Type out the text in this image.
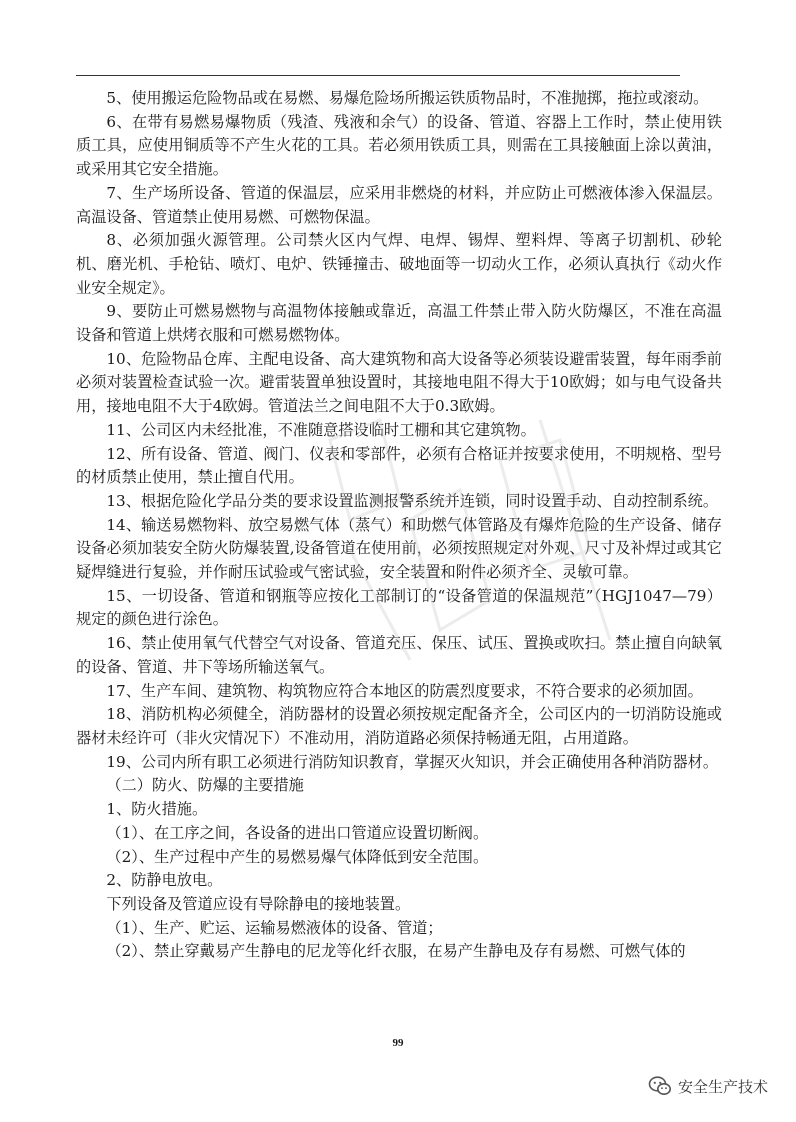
5、使用搬运危险物品或在易燃、易爆危险场所搬运铁质物品时，不准抛掷，拖拉或滚动。

6、在带有易燃易爆物质（残渣、残液和余气）的设备、管道、容器上工作时，禁止使用铁质工具，应使用铜质等不产生火花的工具。若必须用铁质工具，则需在工具接触面上涂以黄油，或采用其它安全措施。

7、生产场所设备、管道的保温层，应采用非燃烧的材料，并应防止可燃液体渗入保温层。高温设备、管道禁止使用易燃、可燃物保温。

8、必须加强火源管理。公司禁火区内气焊、电焊、锡焊、塑料焊、等离子切割机、砂轮机、磨光机、手枪钻、喷灯、电炉、铁锤撞击、破地面等一切动火工作，必须认真执行《动火作业安全规定》。

9、要防止可燃易燃物与高温物体接触或靠近，高温工件禁止带入防火防爆区，不准在高温设备和管道上烘烤衣服和可燃易燃物体。

10、危险物品仓库、主配电设备、高大建筑物和高大设备等必须装设避雷装置，每年雨季前必须对装置检查试验一次。避雷装置单独设置时，其接地电阻不得大于10欧姆；如与电气设备共用，接地电阻不大于4欧姆。管道法兰之间电阻不大于0.3欧姆。

11、公司区内未经批准，不准随意搭设临时工棚和其它建筑物。

12、所有设备、管道、阀门、仪表和零部件，必须有合格证并按要求使用，不明规格、型号的材质禁止使用，禁止擅自代用。

13、根据危险化学品分类的要求设置监测报警系统并连锁，同时设置手动、自动控制系统。

14、输送易燃物料、放空易燃气体（蒸气）和助燃气体管路及有爆炸危险的生产设备、储存设备必须加装安全防火防爆装置,设备管道在使用前，必须按照规定对外观、尺寸及补焊过或其它疑焊缝进行复验，并作耐压试验或气密试验，安全装置和附件必须齐全、灵敏可靠。

15、一切设备、管道和钢瓶等应按化工部制订的“设备管道的保温规范”（HGJ1047—79）规定的颜色进行涂色。

16、禁止使用氧气代替空气对设备、管道充压、保压、试压、置换或吹扫。禁止擅自向缺氧的设备、管道、井下等场所输送氧气。

17、生产车间、建筑物、构筑物应符合本地区的防震烈度要求，不符合要求的必须加固。

18、消防机构必须健全，消防器材的设置必须按规定配备齐全，公司区内的一切消防设施或器材未经许可（非火灾情况下）不准动用，消防道路必须保持畅通无阻，占用道路。

19、公司内所有职工必须进行消防知识教育，掌握灭火知识，并会正确使用各种消防器材。

（二）防火、防爆的主要措施

1、防火措施。

（1）、在工序之间，各设备的进出口管道应设置切断阀。

（2）、生产过程中产生的易燃易爆气体降低到安全范围。

2、防静电放电。

下列设备及管道应设有导除静电的接地装置。

（1）、生产、贮运、运输易燃液体的设备、管道；

（2）、禁止穿戴易产生静电的尼龙等化纤衣服，在易产生静电及存有易燃、可燃气体的

99
安全生产技术
